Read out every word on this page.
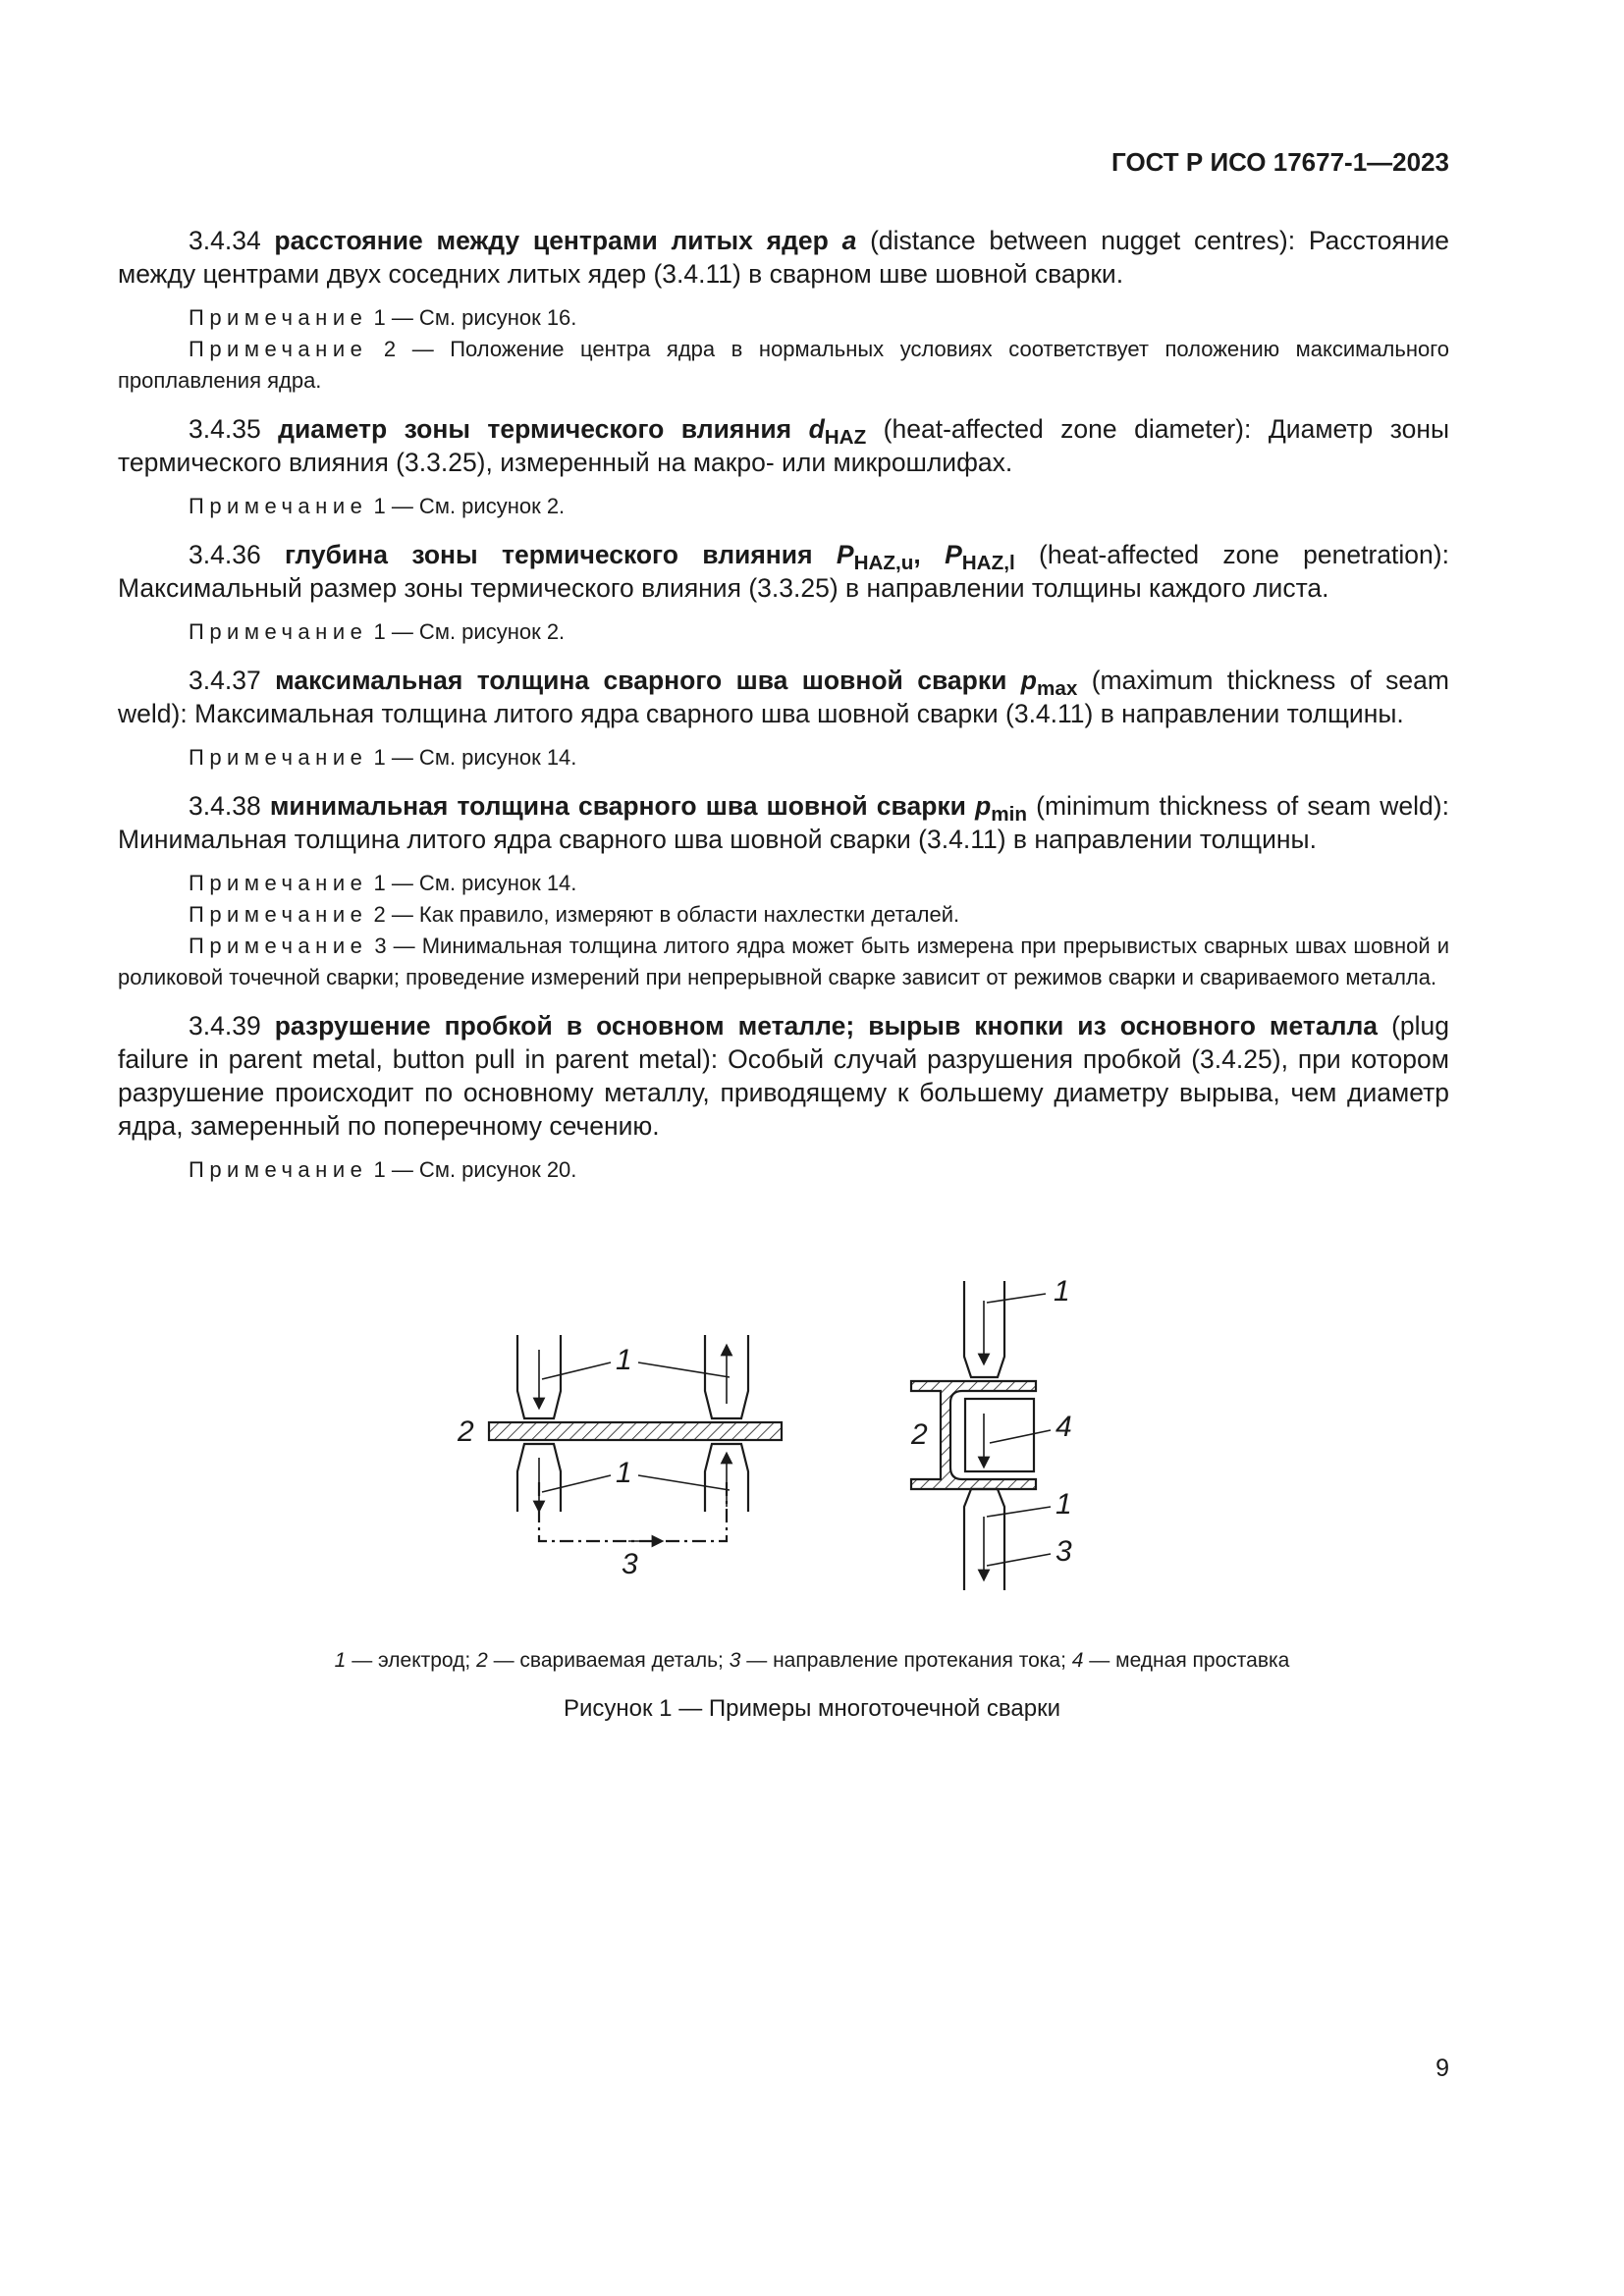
ГОСТ Р ИСО 17677-1—2023

3.4.34 расстояние между центрами литых ядер a (distance between nugget centres): Расстояние между центрами двух соседних литых ядер (3.4.11) в сварном шве шовной сварки.

Примечание 1 — См. рисунок 16.

Примечание 2 — Положение центра ядра в нормальных условиях соответствует положению максимального проплавления ядра.

3.4.35 диаметр зоны термического влияния $d_{HAZ}$ (heat-affected zone diameter): Диаметр зоны термического влияния (3.3.25), измеренный на макро- или микрошлифах.

Примечание 1 — См. рисунок 2.

3.4.36 глубина зоны термического влияния $P_{HAZ,u}$, $P_{HAZ,l}$ (heat-affected zone penetration): Максимальный размер зоны термического влияния (3.3.25) в направлении толщины каждого листа.

Примечание 1 — См. рисунок 2.

3.4.37 максимальная толщина сварного шва шовной сварки $p_{max}$ (maximum thickness of seam weld): Максимальная толщина литого ядра сварного шва шовной сварки (3.4.11) в направлении толщины.

Примечание 1 — См. рисунок 14.

3.4.38 минимальная толщина сварного шва шовной сварки $p_{min}$ (minimum thickness of seam weld): Минимальная толщина литого ядра сварного шва шовной сварки (3.4.11) в направлении толщины.

Примечание 1 — См. рисунок 14.

Примечание 2 — Как правило, измеряют в области нахлестки деталей.

Примечание 3 — Минимальная толщина литого ядра может быть измерена при прерывистых сварных швах шовной и роликовой точечной сварки; проведение измерений при непрерывной сварке зависит от режимов сварки и свариваемого металла.

3.4.39 разрушение пробкой в основном металле; вырыв кнопки из основного металла (plug failure in parent metal, button pull in parent metal): Особый случай разрушения пробкой (3.4.25), при котором разрушение происходит по основному металлу, приводящему к большему диаметру вырыва, чем диаметр ядра, замеренный по поперечному сечению.

Примечание 1 — См. рисунок 20.

1
1
2
3
1
2	4
1
3
1 — электрод; 2 — свариваемая деталь; 3 — направление протекания тока; 4 — медная проставка
Рисунок 1 — Примеры многоточечной сварки
9
